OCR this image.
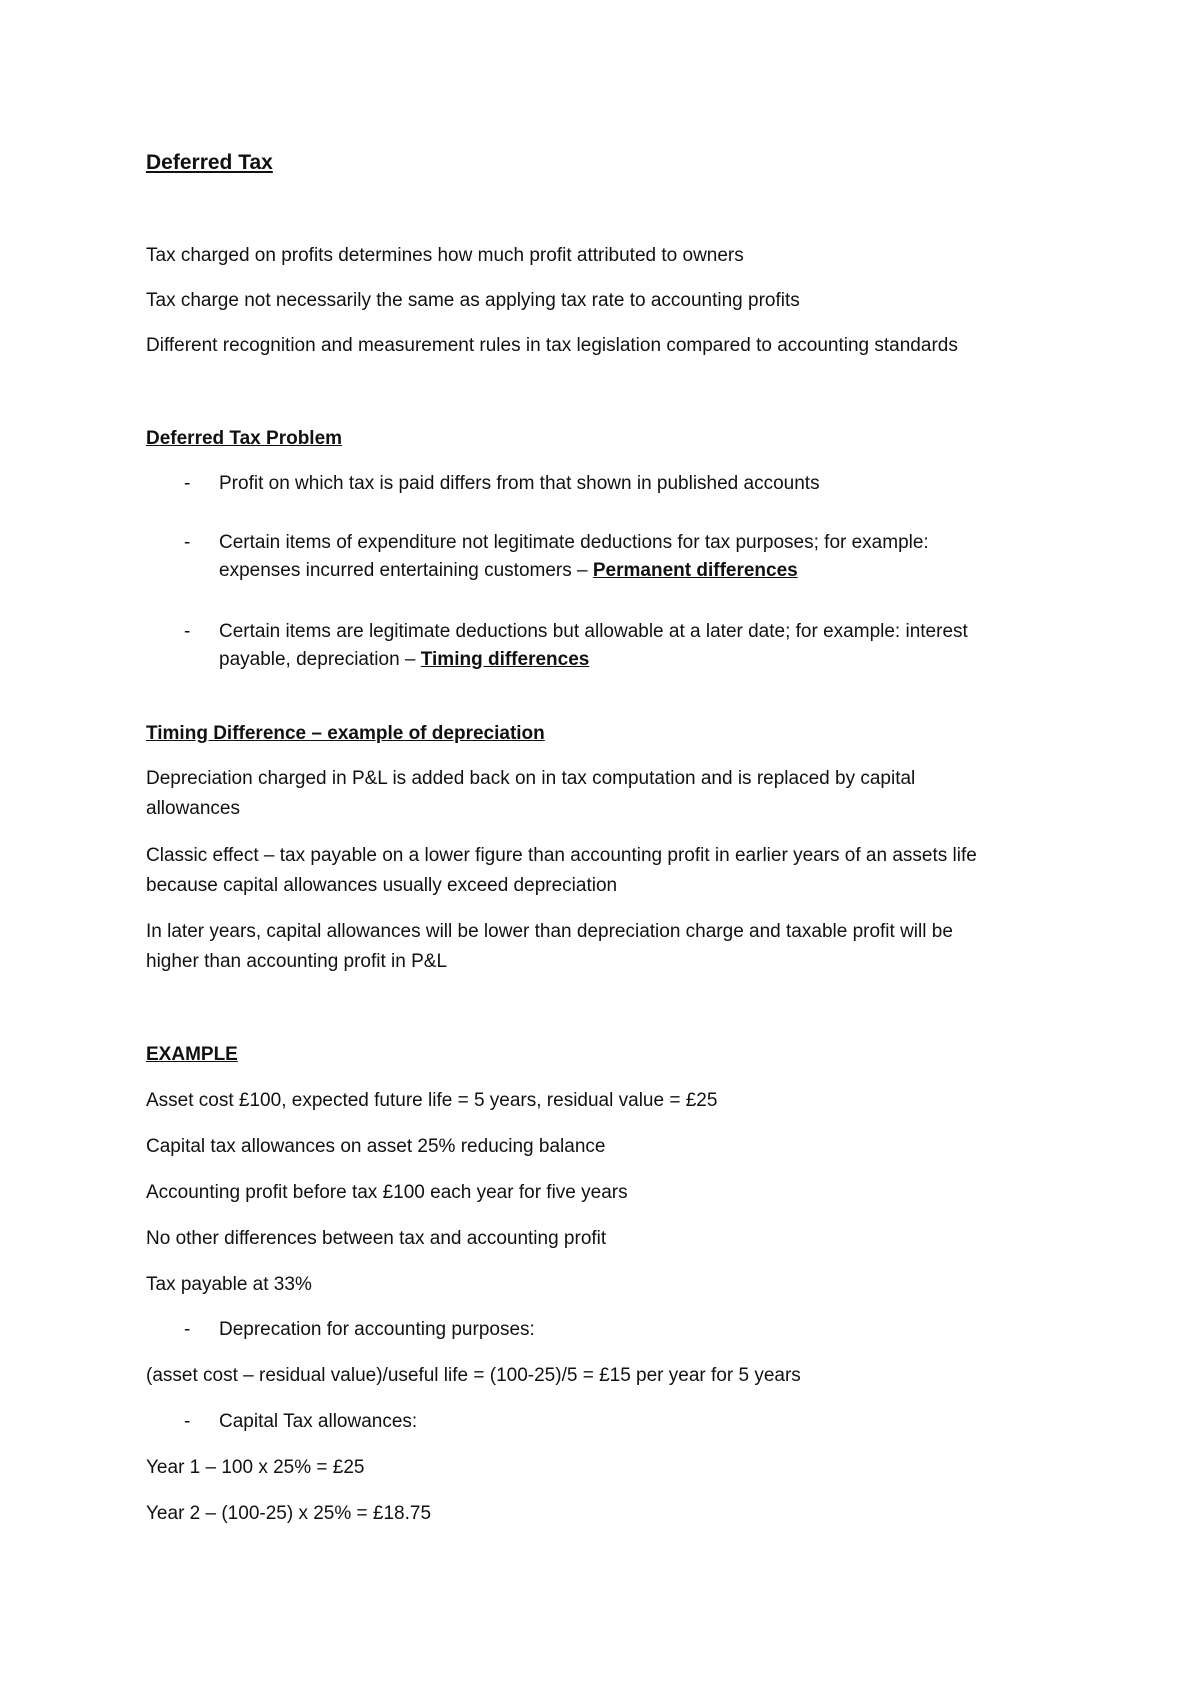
Deferred Tax

Tax charged on profits determines how much profit attributed to owners

Tax charge not necessarily the same as applying tax rate to accounting profits

Different recognition and measurement rules in tax legislation compared to accounting standards

Deferred Tax Problem

- Profit on which tax is paid differs from that shown in published accounts

- Certain items of expenditure not legitimate deductions for tax purposes; for example:

expenses incurred entertaining customers – Permanent differences

- Certain items are legitimate deductions but allowable at a later date; for example: interest

payable, depreciation – Timing differences

Timing Difference – example of depreciation

Depreciation charged in P&L is added back on in tax computation and is replaced by capital

allowances

Classic effect – tax payable on a lower figure than accounting profit in earlier years of an assets life

because capital allowances usually exceed depreciation

In later years, capital allowances will be lower than depreciation charge and taxable profit will be

higher than accounting profit in P&L

EXAMPLE

Asset cost £100, expected future life = 5 years, residual value = £25

Capital tax allowances on asset 25% reducing balance

Accounting profit before tax £100 each year for five years

No other differences between tax and accounting profit

Tax payable at 33%

- Deprecation for accounting purposes:

(asset cost – residual value)/useful life = (100-25)/5 = £15 per year for 5 years

- Capital Tax allowances:

Year 1 – 100 x 25% = £25

Year 2 – (100-25) x 25% = £18.75
